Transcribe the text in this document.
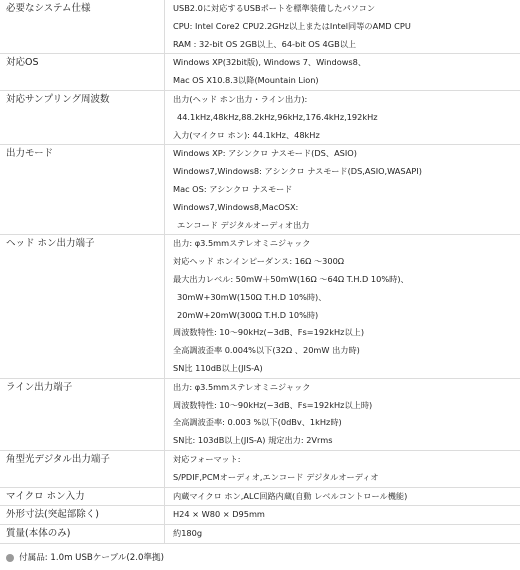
必要なシステム仕様	USB2.0に対応するUSBポートを標準装備したパソコン
CPU: Intel Core2 CPU2.2GHz以上またはIntel同等のAMD CPU
RAM : 32-bit OS 2GB以上、64-bit OS 4GB以上
対応OS	Windows XP(32bit版), Windows 7、Windows8、
Mac OS X10.8.3以降(Mountain Lion)
対応サンプリング周波数	出力(ヘッド ホン出力・ライン出力):
44.1kHz,48kHz,88.2kHz,96kHz,176.4kHz,192kHz
入力(マイクロ ホン): 44.1kHz、48kHz
出力モード	Windows XP: アシンクロ ナスモード(DS、ASIO)
Windows7,Windows8: アシンクロ ナスモード(DS,ASIO,WASAPI)
Mac OS: アシンクロ ナスモード
Windows7,Windows8,MacOSX:
エンコード デジタルオーディオ出力
ヘッド ホン出力端子	出力: φ3.5mmステレオミニジャック
対応ヘッド ホンインピーダンス: 16Ω ～300Ω
最大出力レベル: 50mW＋50mW(16Ω ～64Ω T.H.D 10%時)、
30mW+30mW(150Ω T.H.D 10%時)、
20mW+20mW(300Ω T.H.D 10%時)
周波数特性: 10～90kHz(−3dB、Fs=192kHz以上)
全高調波歪率 0.004%以下(32Ω 、20mW 出力時)
SN比 110dB以上(JIS-A)
ライン出力端子	出力: φ3.5mmステレオミニジャック
周波数特性: 10～90kHz(−3dB、Fs=192kHz以上時)
全高調波歪率: 0.003 %以下(0dBv、1kHz時)
SN比: 103dB以上(JIS-A) 規定出力: 2Vrms
角型光デジタル出力端子	対応フォーマット:
S/PDIF,PCMオーディオ,エンコード デジタルオーディオ
マイクロ ホン入力	内蔵マイクロ ホン,ALC回路内蔵(自動 レベルコントロール機能)
外形寸法(突起部除く)	H24 × W80 × D95mm
質量(本体のみ)	約180g
付属品: 1.0m USBケーブル(2.0準拠)
